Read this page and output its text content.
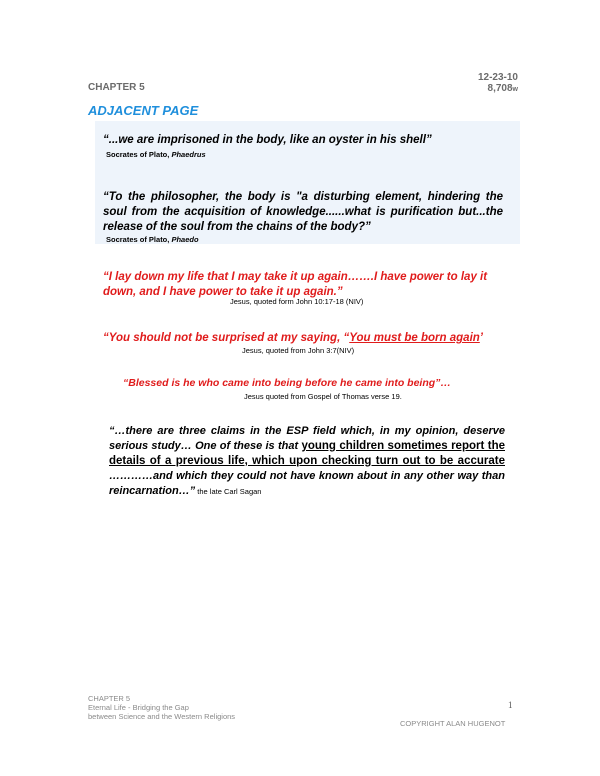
CHAPTER 5
12-23-10
8,708w
ADJACENT PAGE
“...we are imprisoned in the body, like an oyster in his shell”
Socrates of Plato, Phaedrus
“To the philosopher, the body is "a disturbing element, hindering the soul from the acquisition of knowledge......what is purification but...the release of the soul from the chains of the body?”
Socrates of Plato, Phaedo
“I lay down my life that I may take it up again…….I have power to lay it down, and I have power to take it up again.”
Jesus, quoted form John 10:17-18 (NIV)
“You should not be surprised at my saying, “You must be born again’
Jesus, quoted from John 3:7(NIV)
“Blessed is he who came into being before he came into being”…
Jesus quoted from Gospel of Thomas verse 19.
“…there are three claims in the ESP field which, in my opinion, deserve serious study… One of these is that young children sometimes report the details of a previous life, which upon checking turn out to be accurate …………and which they could not have known about in any other way than reincarnation…” the late Carl Sagan
CHAPTER 5
Eternal Life - Bridging the Gap
between Science and the Western Religions
1
COPYRIGHT ALAN HUGENOT
